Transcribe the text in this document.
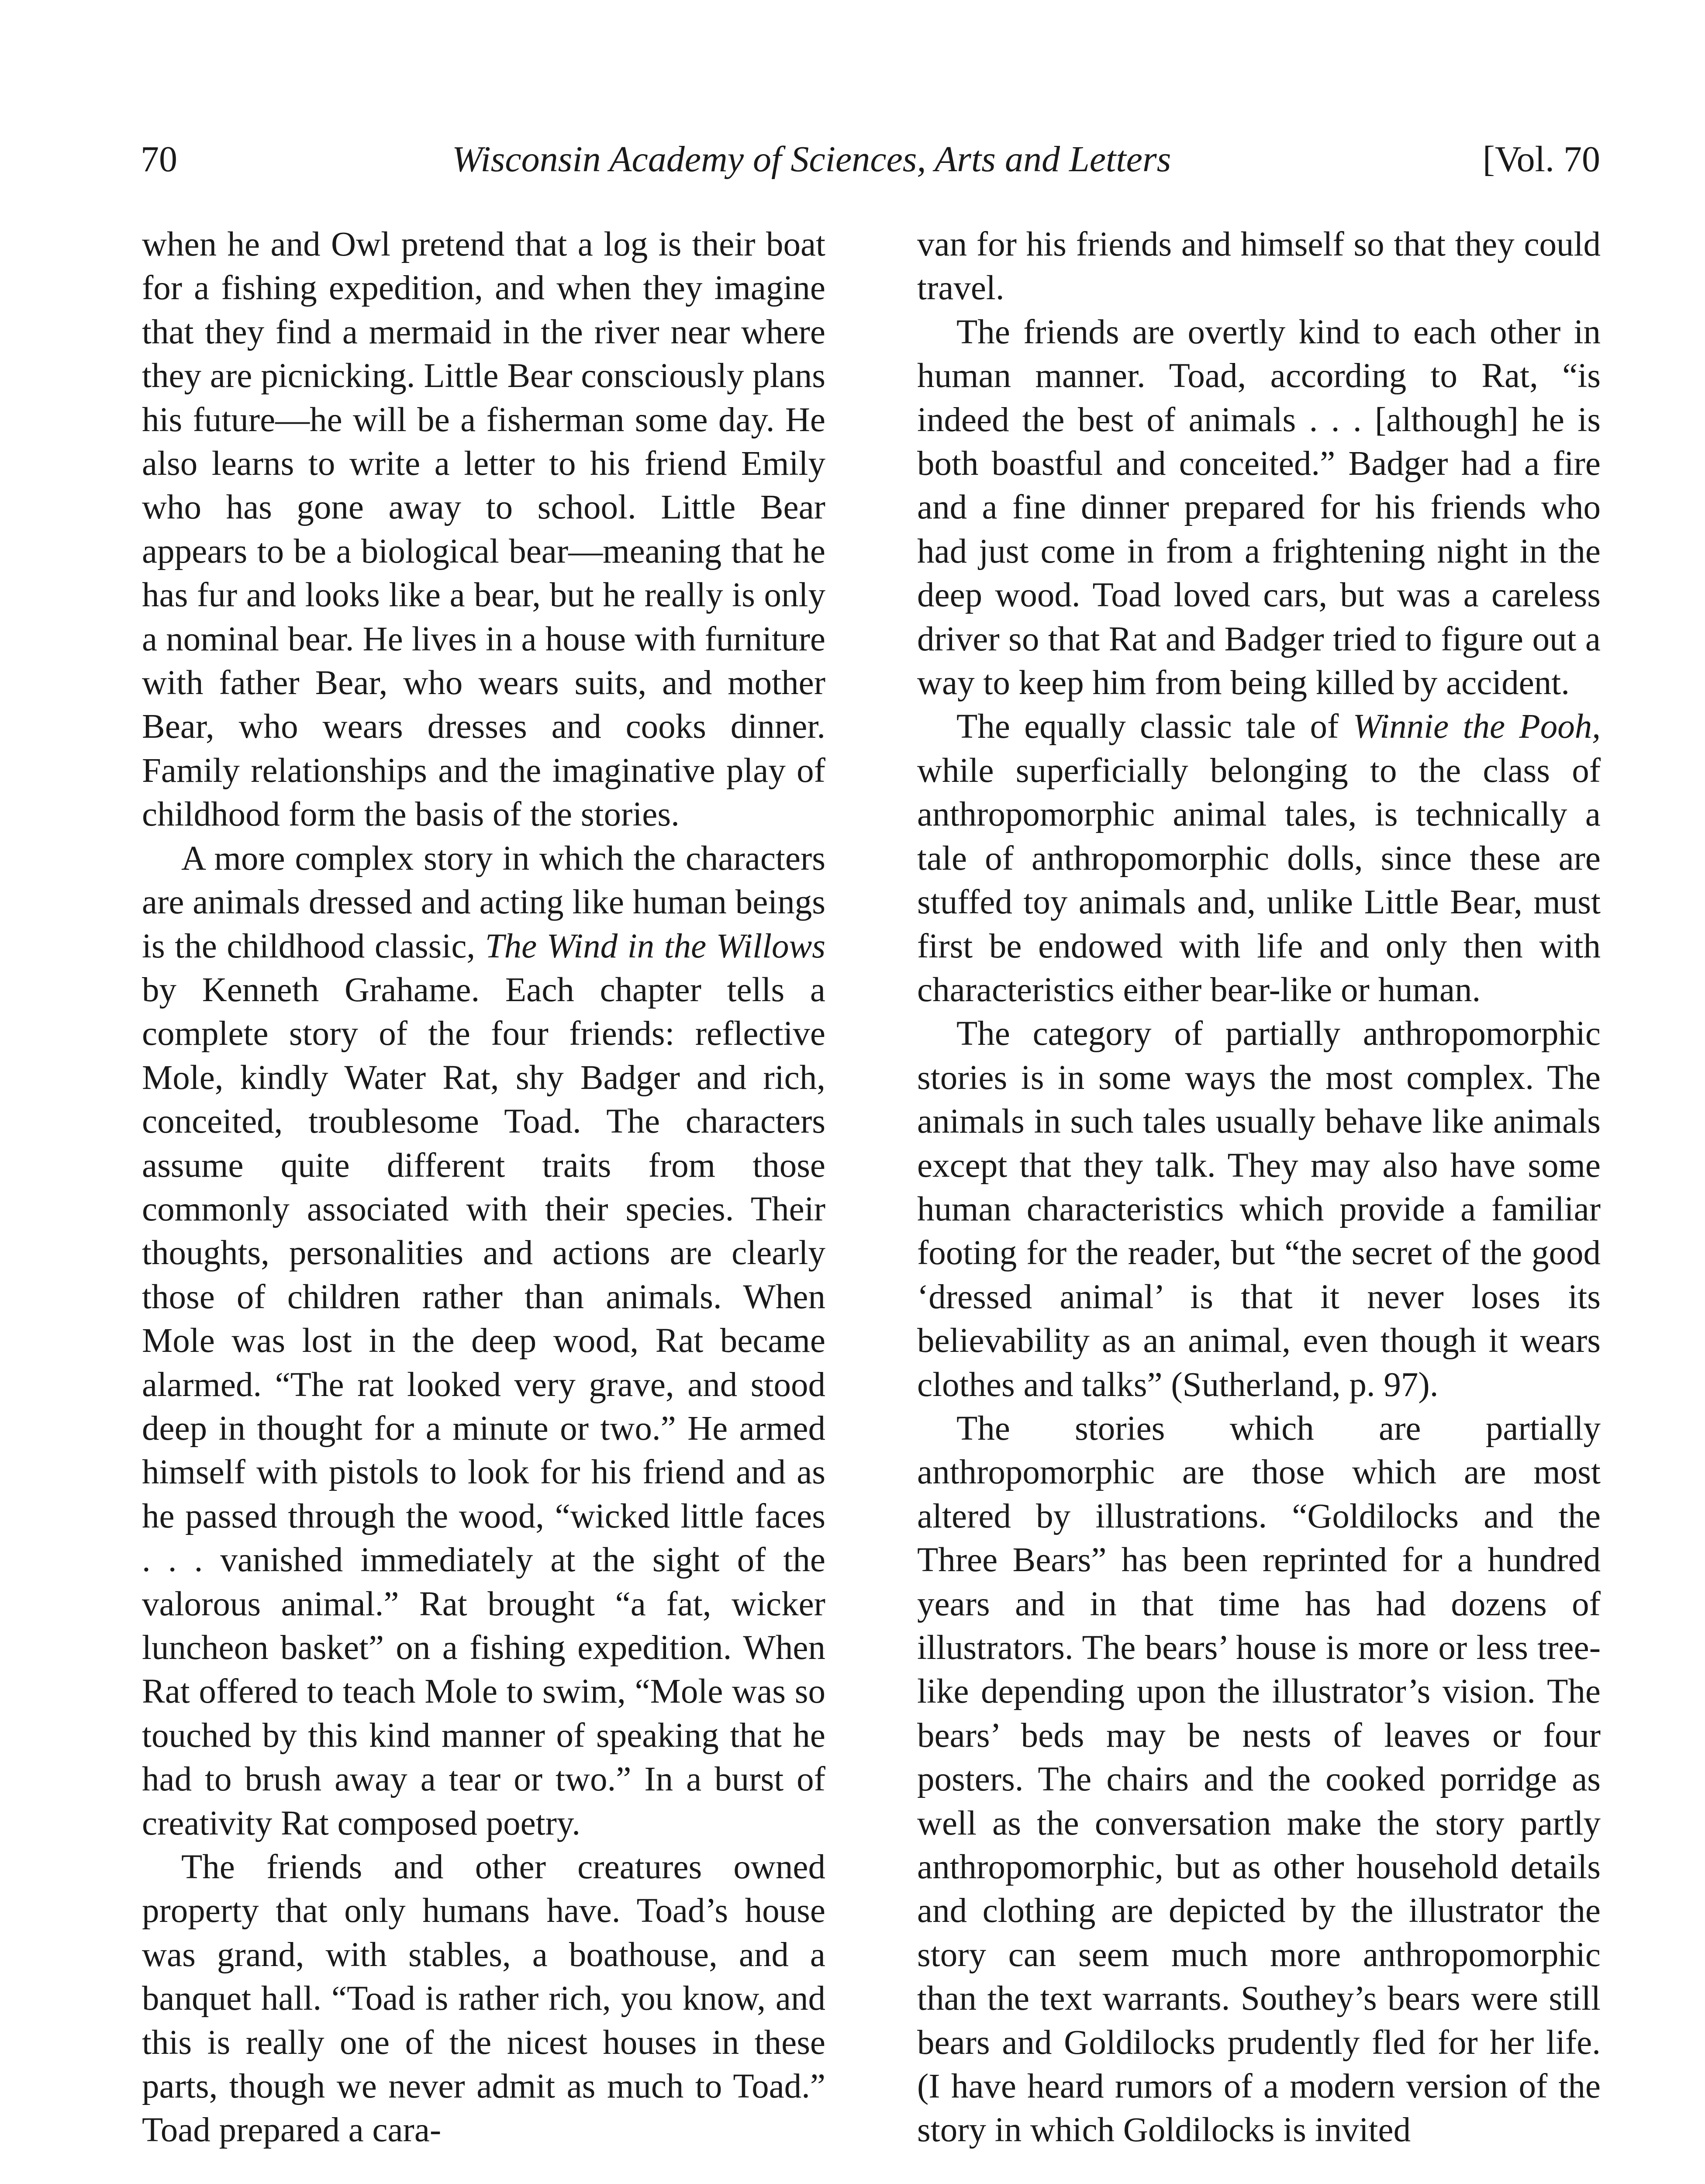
70	Wisconsin Academy of Sciences, Arts and Letters	[Vol. 70

when he and Owl pretend that a log is their boat for a fishing expedition, and when they imagine that they find a mermaid in the river near where they are picnicking. Little Bear consciously plans his future—he will be a fisherman some day. He also learns to write a letter to his friend Emily who has gone away to school. Little Bear appears to be a biological bear—meaning that he has fur and looks like a bear, but he really is only a nominal bear. He lives in a house with furniture with father Bear, who wears suits, and mother Bear, who wears dresses and cooks dinner. Family relationships and the imaginative play of childhood form the basis of the stories.

A more complex story in which the characters are animals dressed and acting like human beings is the childhood classic, The Wind in the Willows by Kenneth Grahame. Each chapter tells a complete story of the four friends: reflective Mole, kindly Water Rat, shy Badger and rich, conceited, troublesome Toad. The characters assume quite different traits from those commonly associated with their species. Their thoughts, personalities and actions are clearly those of children rather than animals. When Mole was lost in the deep wood, Rat became alarmed. “The rat looked very grave, and stood deep in thought for a minute or two.” He armed himself with pistols to look for his friend and as he passed through the wood, “wicked little faces . . . vanished immediately at the sight of the valorous animal.” Rat brought “a fat, wicker luncheon basket” on a fishing expedition. When Rat offered to teach Mole to swim, “Mole was so touched by this kind manner of speaking that he had to brush away a tear or two.” In a burst of creativity Rat composed poetry.

The friends and other creatures owned property that only humans have. Toad’s house was grand, with stables, a boathouse, and a banquet hall. “Toad is rather rich, you know, and this is really one of the nicest houses in these parts, though we never admit as much to Toad.” Toad prepared a cara-

van for his friends and himself so that they could travel.

The friends are overtly kind to each other in human manner. Toad, according to Rat, “is indeed the best of animals . . . [although] he is both boastful and conceited.” Badger had a fire and a fine dinner prepared for his friends who had just come in from a frightening night in the deep wood. Toad loved cars, but was a careless driver so that Rat and Badger tried to figure out a way to keep him from being killed by accident.

The equally classic tale of Winnie the Pooh, while superficially belonging to the class of anthropomorphic animal tales, is technically a tale of anthropomorphic dolls, since these are stuffed toy animals and, unlike Little Bear, must first be endowed with life and only then with characteristics either bear-like or human.

The category of partially anthropomorphic stories is in some ways the most complex. The animals in such tales usually behave like animals except that they talk. They may also have some human characteristics which provide a familiar footing for the reader, but “the secret of the good ‘dressed animal’ is that it never loses its believability as an animal, even though it wears clothes and talks” (Sutherland, p. 97).

The stories which are partially anthropomorphic are those which are most altered by illustrations. “Goldilocks and the Three Bears” has been reprinted for a hundred years and in that time has had dozens of illustrators. The bears’ house is more or less tree-like depending upon the illustrator’s vision. The bears’ beds may be nests of leaves or four posters. The chairs and the cooked porridge as well as the conversation make the story partly anthropomorphic, but as other household details and clothing are depicted by the illustrator the story can seem much more anthropomorphic than the text warrants. Southey’s bears were still bears and Goldilocks prudently fled for her life. (I have heard rumors of a modern version of the story in which Goldilocks is invited
